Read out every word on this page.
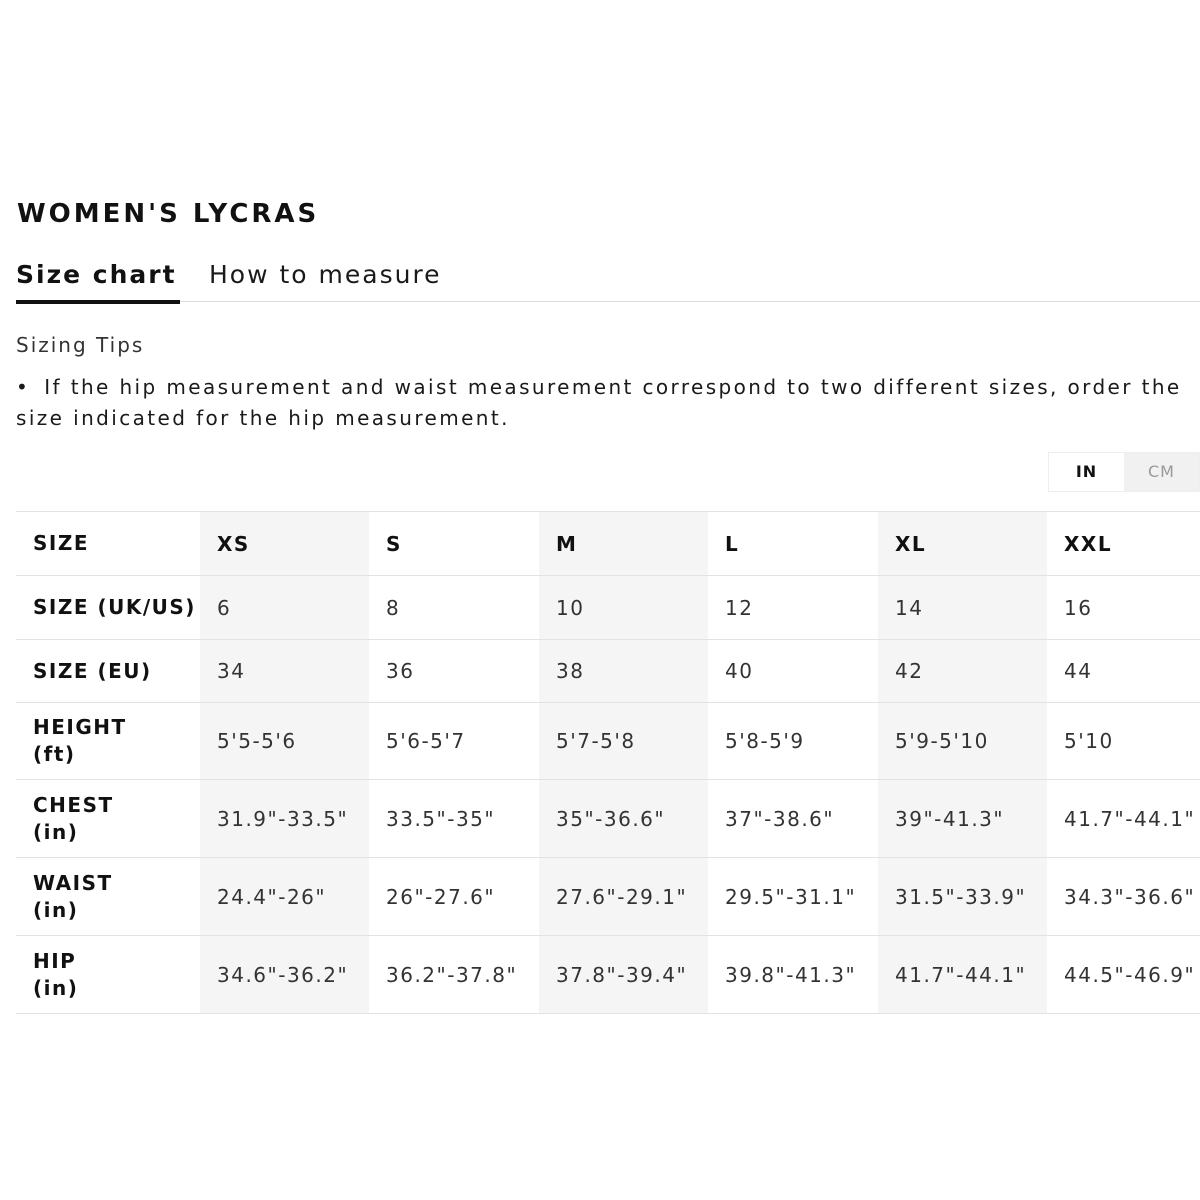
WOMEN'S LYCRAS
Size chart How to measure
Sizing Tips
• If the hip measurement and waist measurement correspond to two different sizes, order the size indicated for the hip measurement.
IN	CM
SIZE	XS	S	M	L	XL	XXL

SIZE (UK/US)	6	8	10	12	14	16

SIZE (EU)	34	36	38	40	42	44

HEIGHT
(ft)	5'5-5'6	5'6-5'7	5'7-5'8	5'8-5'9	5'9-5'10	5'10

CHEST
(in)	31.9"-33.5"	33.5"-35"	35"-36.6"	37"-38.6"	39"-41.3"	41.7"-44.1"

WAIST
(in)	24.4"-26"	26"-27.6"	27.6"-29.1"	29.5"-31.1"	31.5"-33.9"	34.3"-36.6"

HIP
(in)	34.6"-36.2"	36.2"-37.8"	37.8"-39.4"	39.8"-41.3"	41.7"-44.1"	44.5"-46.9"
